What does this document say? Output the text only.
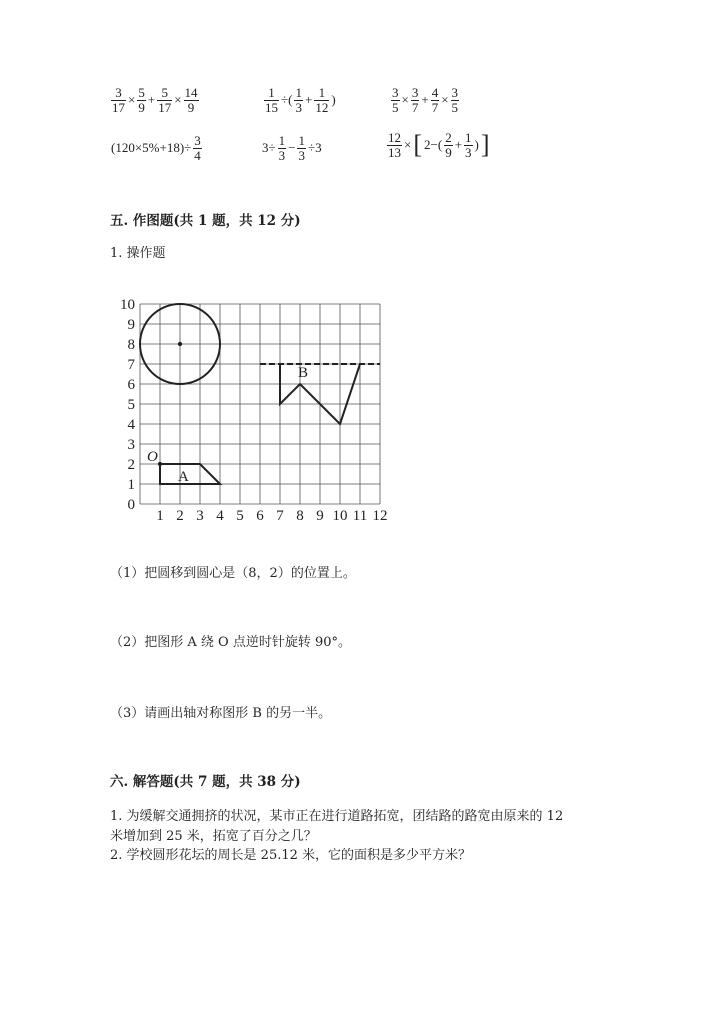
$\frac{3}{17} \times \frac{5}{9} + \frac{5}{17} \times \frac{14}{9}$	$\frac{1}{15}$ ÷( $\frac{1}{3} + \frac{1}{12}$ )	$\frac{3}{5} \times \frac{3}{7} + \frac{4}{7} \times \frac{3}{5}$
$(120\times 5\%+18)\div \frac{3}{4}$	$3\div \frac{1}{3} - \frac{1}{3} \div 3$	$\frac{12}{13}$ ×[ $2-( \frac{2}{9} + \frac{1}{3}$ )]
五. 作图题(共 1 题，共 12 分)
1. 操作题
0
1
2
3
4
5
6
7
8
9
10
1 2 3 4 5 6 7 8 9 10 11 12
O
A
B
（1）把圆移到圆心是（8，2）的位置上。
（2）把图形 A 绕 O 点逆时针旋转 90°。
（3）请画出轴对称图形 B 的另一半。
六. 解答题(共 7 题，共 38 分)
1. 为缓解交通拥挤的状况，某市正在进行道路拓宽，团结路的路宽由原来的 12
米增加到 25 米，拓宽了百分之几？
2. 学校圆形花坛的周长是 25.12 米，它的面积是多少平方米？
